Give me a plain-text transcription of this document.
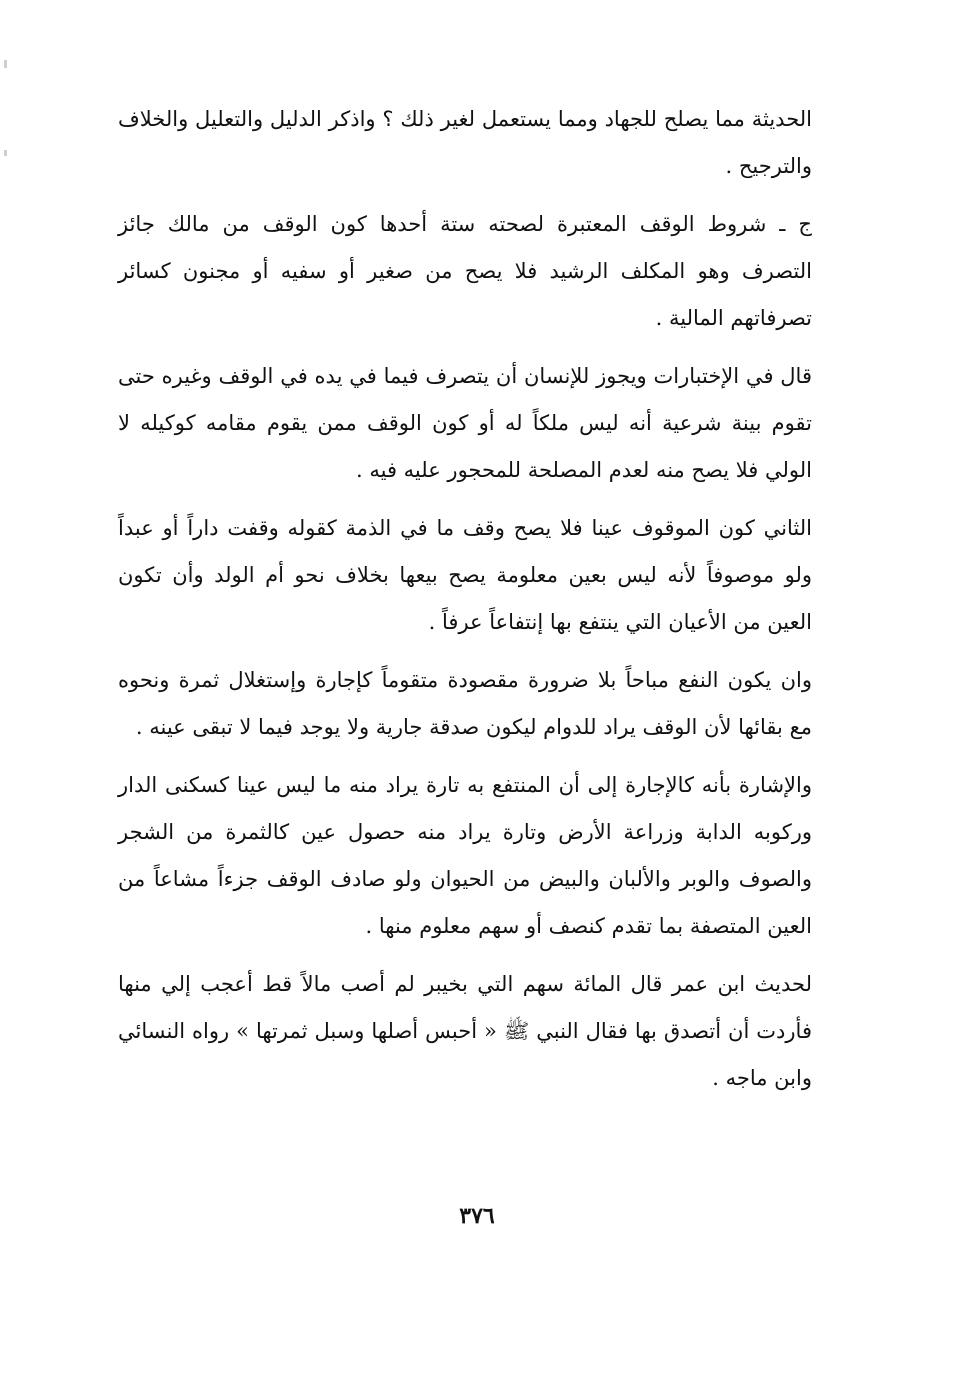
الحديثة مما يصلح للجهاد ومما يستعمل لغير ذلك ؟ واذكر الدليل والتعليل والخلاف والترجيح .

ج ـ شروط الوقف المعتبرة لصحته ستة أحدها كون الوقف من مالك جائز التصرف وهو المكلف الرشيد فلا يصح من صغير أو سفيه أو مجنون كسائر تصرفاتهم المالية .

قال في الإختبارات ويجوز للإنسان أن يتصرف فيما في يده في الوقف وغيره حتى تقوم بينة شرعية أنه ليس ملكاً له أو كون الوقف ممن يقوم مقامه كوكيله لا الولي فلا يصح منه لعدم المصلحة للمحجور عليه فيه .

الثاني كون الموقوف عينا فلا يصح وقف ما في الذمة كقوله وقفت داراً أو عبداً ولو موصوفاً لأنه ليس بعين معلومة يصح بيعها بخلاف نحو أم الولد وأن تكون العين من الأعيان التي ينتفع بها إنتفاعاً عرفاً .

وان يكون النفع مباحاً بلا ضرورة مقصودة متقوماً كإجارة وإستغلال ثمرة ونحوه مع بقائها لأن الوقف يراد للدوام ليكون صدقة جارية ولا يوجد فيما لا تبقى عينه .

والإشارة بأنه كالإجارة إلى أن المنتفع به تارة يراد منه ما ليس عينا كسكنى الدار وركوبه الدابة وزراعة الأرض وتارة يراد منه حصول عين كالثمرة من الشجر والصوف والوبر والألبان والبيض من الحيوان ولو صادف الوقف جزءاً مشاعاً من العين المتصفة بما تقدم كنصف أو سهم معلوم منها .

لحديث ابن عمر قال المائة سهم التي بخيبر لم أصب مالاً قط أعجب إلي منها فأردت أن أتصدق بها فقال النبي ﷺ « أحبس أصلها وسبل ثمرتها » رواه النسائي وابن ماجه .

٣٧٦
